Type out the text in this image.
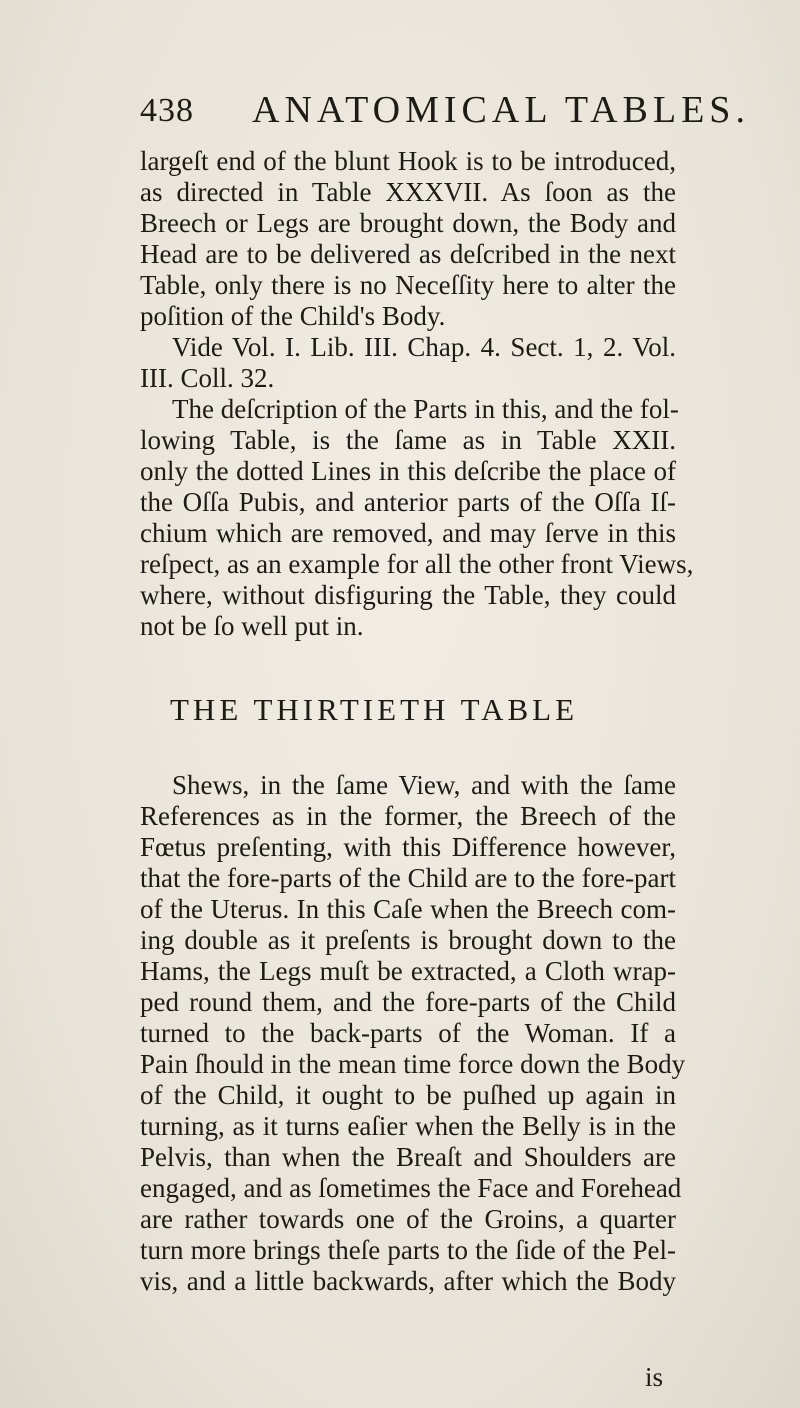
438 ANATOMICAL TABLES.
largeſt end of the blunt Hook is to be introduced,
as directed in Table XXXVII. As ſoon as the
Breech or Legs are brought down, the Body and
Head are to be delivered as deſcribed in the next
Table, only there is no Neceſſity here to alter the
poſition of the Child's Body.
Vide Vol. I. Lib. III. Chap. 4. Sect. 1, 2. Vol.
III. Coll. 32.
The deſcription of the Parts in this, and the fol-
lowing Table, is the ſame as in Table XXII.
only the dotted Lines in this deſcribe the place of
the Oſſa Pubis, and anterior parts of the Oſſa Iſ-
chium which are removed, and may ſerve in this
reſpect, as an example for all the other front Views,
where, without disfiguring the Table, they could
not be ſo well put in.
THE THIRTIETH TABLE
Shews, in the ſame View, and with the ſame
References as in the former, the Breech of the
Fœtus preſenting, with this Difference however,
that the fore-parts of the Child are to the fore-part
of the Uterus. In this Caſe when the Breech com-
ing double as it preſents is brought down to the
Hams, the Legs muſt be extracted, a Cloth wrap-
ped round them, and the fore-parts of the Child
turned to the back-parts of the Woman. If a
Pain ſhould in the mean time force down the Body
of the Child, it ought to be puſhed up again in
turning, as it turns eaſier when the Belly is in the
Pelvis, than when the Breaſt and Shoulders are
engaged, and as ſometimes the Face and Forehead
are rather towards one of the Groins, a quarter
turn more brings theſe parts to the ſide of the Pel-
vis, and a little backwards, after which the Body
is
